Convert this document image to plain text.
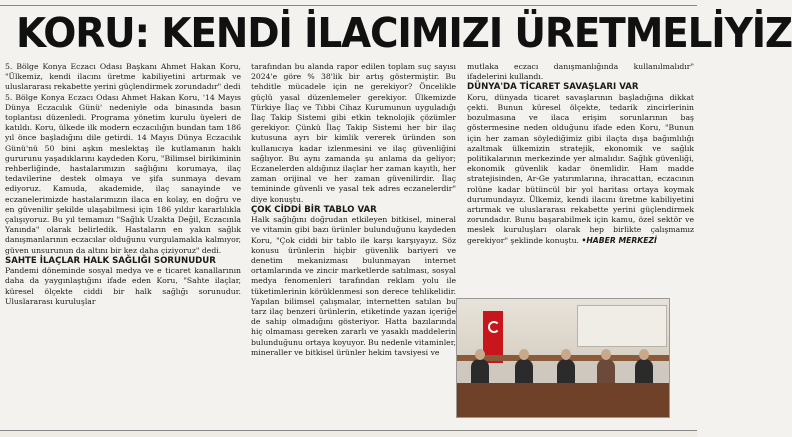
KORU: KENDİ İLACIMIZI ÜRETMELİYİZ

5. Bölge Konya Eczacı Odası Başkanı Ahmet Hakan Koru, "Ülkemiz, kendi ilacını üretme kabiliyetini artırmak ve uluslararası rekabette yerini güçlendirmek zorundadır" dedi

5. Bölge Konya Eczacı Odası Ahmet Hakan Koru, '14 Mayıs Dünya Eczacılık Günü' nedeniyle oda binasında basın toplantısı düzenledi. Programa yönetim kurulu üyeleri de katıldı. Koru, ülkede ilk modern eczacılığın bundan tam 186 yıl önce başladığını dile getirdi. 14 Mayıs Dünya Eczacılık Günü'nü 50 bini aşkın meslektaş ile kutlamanın haklı gururunu yaşadıklarını kaydeden Koru, "Bilimsel birikiminin rehberliğinde, hastalarımızın sağlığını korumaya, ilaç tedavilerine destek olmaya ve şifa sunmaya devam ediyoruz. Kamuda, akademide, ilaç sanayinde ve eczanelerimizde hastalarımızın ilaca en kolay, en doğru ve en güvenilir şekilde ulaşabilmesi için 186 yıldır kararlılıkla çalışıyoruz. Bu yıl temamızı "Sağlık Uzakta Değil, Eczacınla Yanında" olarak belirledik. Hastaların en yakın sağlık danışmanlarının eczacılar olduğunu vurgulamakla kalmıyor, güven unsurunun da altını bir kez daha çiziyoruz" dedi.

SAHTE İLAÇLAR HALK SAĞLIĞI SORUNUDUR

Pandemi döneminde sosyal medya ve e ticaret kanallarının daha da yaygınlaştığını ifade eden Koru, "Sahte ilaçlar, küresel ölçekte ciddi bir halk sağlığı sorunudur. Uluslararası kuruluşlar

tarafından bu alanda rapor edilen toplam suç sayısı 2024'e göre % 38'lik bir artış göstermiştir. Bu tehditle mücadele için ne gerekiyor? Öncelikle güçlü yasal düzenlemeler gerekiyor. Ülkemizde Türkiye İlaç ve Tıbbi Cihaz Kurumunun uyguladığı İlaç Takip Sistemi gibi etkin teknolojik çözümler gerekiyor. Çünkü İlaç Takip Sistemi her bir ilaç kutusuna ayrı bir kimlik vererek üründen son kullanıcıya kadar izlenmesini ve ilaç güvenliğini sağlıyor. Bu aynı zamanda şu anlama da geliyor; Eczanelerden aldığınız ilaçlar her zaman kayıtlı, her zaman orijinal ve her zaman güvenilirdir. İlaç temininde güvenli ve yasal tek adres eczanelerdir" diye konuştu.

ÇOK CİDDİ BİR TABLO VAR

Halk sağlığını doğrudan etkileyen bitkisel, mineral ve vitamin gibi bazı ürünler bulunduğunu kaydeden Koru, "Çok ciddi bir tablo ile karşı karşıyayız. Söz konusu ürünlerin hiçbir güvenlik bariyeri ve denetim mekanizması bulunmayan internet ortamlarında ve zincir marketlerde satılması, sosyal medya fenomenleri tarafından reklam yolu ile tüketimlerinin körüklenmesi son derece tehlikelidir. Yapılan bilimsel çalışmalar, internetten satılan bu tarz ilaç benzeri ürünlerin, etiketinde yazan içeriğe de sahip olmadığını gösteriyor. Hatta bazılarında hiç olmaması gereken zararlı ve yasaklı maddelerin bulunduğunu ortaya koyuyor. Bu nedenle vitaminler, mineraller ve bitkisel ürünler hekim tavsiyesi ve

mutlaka eczacı danışmanlığında kullanılmalıdır" ifadelerini kullandı.

DÜNYA'DA TİCARET SAVAŞLARI VAR

Koru, dünyada ticaret savaşlarının başladığına dikkat çekti. Bunun küresel ölçekte, tedarik zincirlerinin bozulmasına ve ilaca erişim sorunlarının baş göstermesine neden olduğunu ifade eden Koru, "Bunun için her zaman söylediğimiz gibi ilaçta dışa bağımlılığı azaltmak ülkemizin stratejik, ekonomik ve sağlık politikalarının merkezinde yer almalıdır. Sağlık güvenliği, ekonomik güvenlik kadar önemlidir. Ham madde stratejisinden, Ar-Ge yatırımlarına, ihracattan, eczacının rolüne kadar bütüncül bir yol haritası ortaya koymak durumundayız. Ülkemiz, kendi ilacını üretme kabiliyetini artırmak ve uluslararası rekabette yerini güçlendirmek zorundadır. Bunu başarabilmek için kamu, özel sektör ve meslek kuruluşları olarak hep birlikte çalışmamız gerekiyor" şeklinde konuştu. •HABER MERKEZİ
